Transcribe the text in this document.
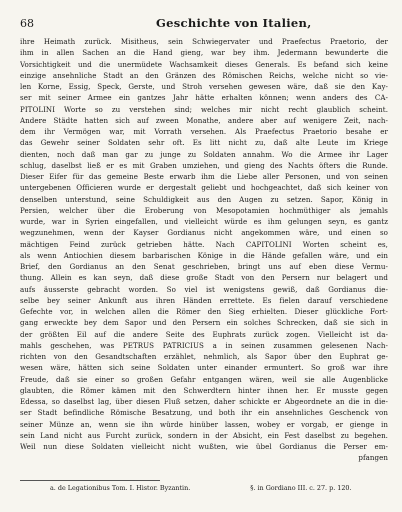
68	Geschichte von Italien,
ihre Heimath zurück. Misitheus, sein Schwiegervater und Praefectus Praetorio, der
ihm in allen Sachen an die Hand gieng, war bey ihm. Jedermann bewunderte die
Vorsichtigkeit und die unermüdete Wachsamkeit dieses Generals. Es befand sich keine
einzige ansehnliche Stadt an den Gränzen des Römischen Reichs, welche nicht so vie-
len Korne, Essig, Speck, Gerste, und Stroh versehen gewesen wäre, daß sie den Kay-
ser mit seiner Armee ein gantzes Jahr hätte erhalten können; wenn anders des CA-
PITOLINI Worte so zu verstehen sind; welches mir nicht recht glaublich scheint.
Andere Städte hatten sich auf zween Monathe, andere aber auf wenigere Zeit, nach-
dem ihr Vermögen war, mit Vorrath versehen. Als Praefectus Praetorio besahe er
das Gewehr seiner Soldaten sehr oft. Es litt nicht zu, daß alte Leute im Kriege
dienten, noch daß man gar zu junge zu Soldaten annahm. Wo die Armee ihr Lager
schlug, daselbst ließ er es mit Graben umziehen, und gieng des Nachts öfters die Runde.
Dieser Eifer für das gemeine Beste erwarb ihm die Liebe aller Personen, und von seinen
untergebenen Officieren wurde er dergestalt geliebt und hochgeachtet, daß sich keiner von
denselben unterstund, seine Schuldigkeit aus den Augen zu setzen. Sapor, König in
Persien, welcher über die Eroberung von Mesopotamien hochmüthiger als jemahls
wurde, war in Syrien eingefallen, und vielleicht würde es ihm gelungen seyn, es gantz
wegzunehmen, wenn der Kayser Gordianus nicht angekommen wäre, und einen so
mächtigen Feind zurück getrieben hätte. Nach CAPITOLINI Worten scheint es,
als wenn Antiochien diesem barbarischen Könige in die Hände gefallen wäre, und ein
Brief, den Gordianus an den Senat geschrieben, bringt uns auf eben diese Vermu-
thung. Allein es kan seyn, daß diese große Stadt von den Persern nur belagert und
aufs äusserste gebracht worden. So viel ist wenigstens gewiß, daß Gordianus die-
selbe bey seiner Ankunft aus ihren Händen errettete. Es fielen darauf verschiedene
Gefechte vor, in welchen allen die Römer den Sieg erhielten. Dieser glückliche Fort-
gang erweckte bey dem Sapor und den Persern ein solches Schrecken, daß sie sich in
der größten Eil auf die andere Seite des Euphrats zurück zogen. Vielleicht ist da-
mahls geschehen, was PETRUS PATRICIUS a in seinen zusammen gelesenen Nach-
richten von den Gesandtschaften erzählet, nehmlich, als Sapor über den Euphrat ge-
wesen wäre, hätten sich seine Soldaten unter einander ermuntert. So groß war ihre
Freude, daß sie einer so großen Gefahr entgangen wären, weil sie alle Augenblicke
glaubten, die Römer kämen mit den Schwerdtern hinter ihnen her. Er musste gegen
Edessa, so daselbst lag, über diesen Fluß setzen, daher schickte er Abgeordnete an die in die-
ser Stadt befindliche Römische Besatzung, und both ihr ein ansehnliches Geschenck von
seiner Münze an, wenn sie ihn würde hinüber lassen, wobey er vorgab, er gienge in
sein Land nicht aus Furcht zurück, sondern in der Absicht, ein Fest daselbst zu begehen.
Weil nun diese Soldaten vielleicht nicht wußten, wie übel Gordianus die Perser em-
pfangen
a. de Legationibus Tom. I. Histor. Byzantin.	§. in Gordiano III. c. 27. p. 120.
